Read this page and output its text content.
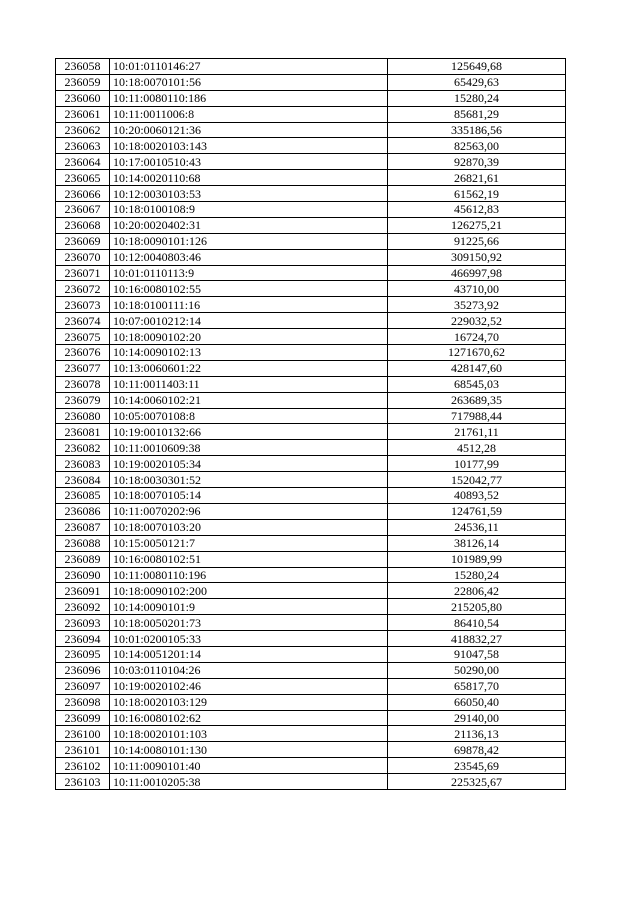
236058	10:01:0110146:27	125649,68
236059	10:18:0070101:56	65429,63
236060	10:11:0080110:186	15280,24
236061	10:11:0011006:8	85681,29
236062	10:20:0060121:36	335186,56
236063	10:18:0020103:143	82563,00
236064	10:17:0010510:43	92870,39
236065	10:14:0020110:68	26821,61
236066	10:12:0030103:53	61562,19
236067	10:18:0100108:9	45612,83
236068	10:20:0020402:31	126275,21
236069	10:18:0090101:126	91225,66
236070	10:12:0040803:46	309150,92
236071	10:01:0110113:9	466997,98
236072	10:16:0080102:55	43710,00
236073	10:18:0100111:16	35273,92
236074	10:07:0010212:14	229032,52
236075	10:18:0090102:20	16724,70
236076	10:14:0090102:13	1271670,62
236077	10:13:0060601:22	428147,60
236078	10:11:0011403:11	68545,03
236079	10:14:0060102:21	263689,35
236080	10:05:0070108:8	717988,44
236081	10:19:0010132:66	21761,11
236082	10:11:0010609:38	4512,28
236083	10:19:0020105:34	10177,99
236084	10:18:0030301:52	152042,77
236085	10:18:0070105:14	40893,52
236086	10:11:0070202:96	124761,59
236087	10:18:0070103:20	24536,11
236088	10:15:0050121:7	38126,14
236089	10:16:0080102:51	101989,99
236090	10:11:0080110:196	15280,24
236091	10:18:0090102:200	22806,42
236092	10:14:0090101:9	215205,80
236093	10:18:0050201:73	86410,54
236094	10:01:0200105:33	418832,27
236095	10:14:0051201:14	91047,58
236096	10:03:0110104:26	50290,00
236097	10:19:0020102:46	65817,70
236098	10:18:0020103:129	66050,40
236099	10:16:0080102:62	29140,00
236100	10:18:0020101:103	21136,13
236101	10:14:0080101:130	69878,42
236102	10:11:0090101:40	23545,69
236103	10:11:0010205:38	225325,67
